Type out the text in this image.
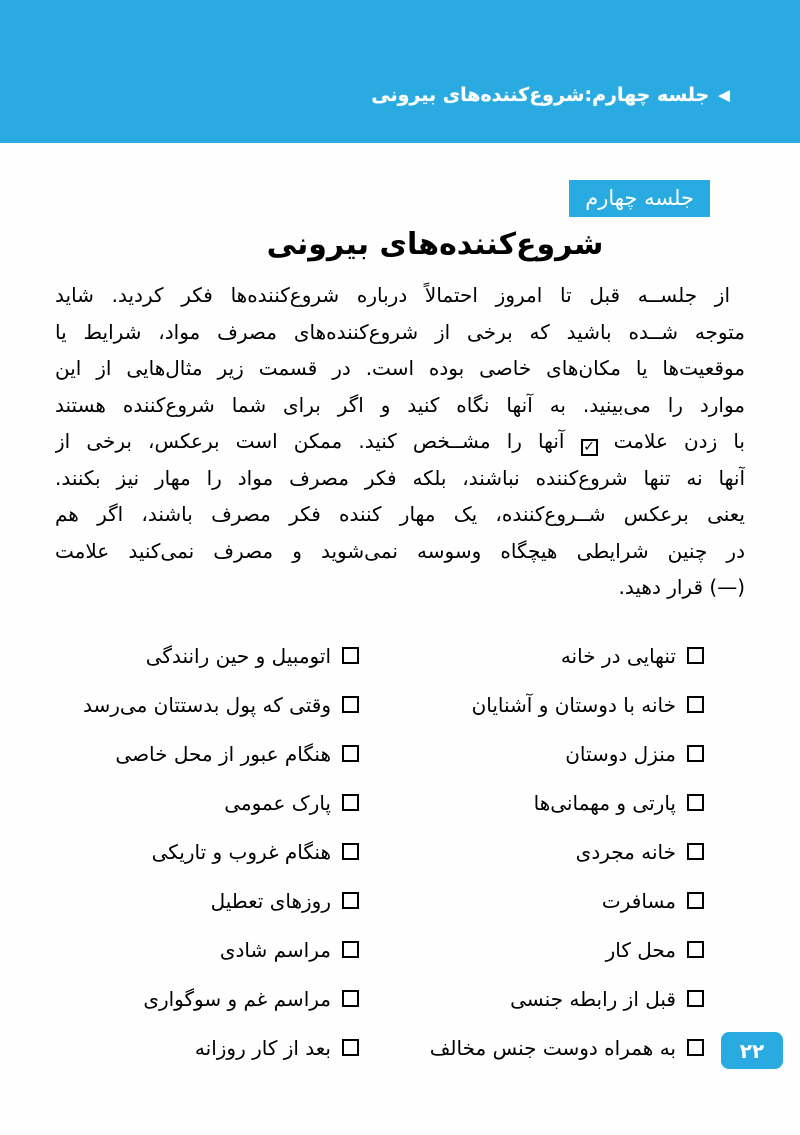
◀
جلسه چهارم:شروع‌کننده‌های بیرونی
جلسه چهارم
شروع‌کننده‌های بیرونی
از جلســه قبل تا امروز احتمالاً درباره شروع‌کننده‌ها فکر کردید. شاید
متوجه شــده باشید که برخی از شروع‌کننده‌های مصرف مواد، شرایط یا
موقعیت‌ها یا مکان‌های خاصی بوده است. در قسمت زیر مثال‌هایی از این
موارد را می‌بینید. به آنها نگاه کنید و اگر برای شما شروع‌کننده هستند
با زدن علامت
✓
آنها را مشــخص کنید. ممکن است برعکس، برخی از
آنها نه تنها شروع‌کننده نباشند، بلکه فکر مصرف مواد را مهار نیز بکنند.
یعنی برعکس شــروع‌کننده، یک مهار کننده فکر مصرف باشند، اگر هم
در چنین شرایطی هیچگاه وسوسه نمی‌شوید و مصرف نمی‌کنید علامت
(—) قرار دهید.
تنهایی در خانه
اتومبیل و حین رانندگی
خانه با دوستان و آشنایان
وقتی که پول بدستتان می‌رسد
منزل دوستان
هنگام عبور از محل خاصی
پارتی و مهمانی‌ها
پارک عمومی
خانه مجردی
هنگام غروب و تاریکی
مسافرت
روزهای تعطیل
محل کار
مراسم شادی
قبل از رابطه جنسی
مراسم غم و سوگواری
به همراه دوست جنس مخالف
بعد از کار روزانه	۲۲
